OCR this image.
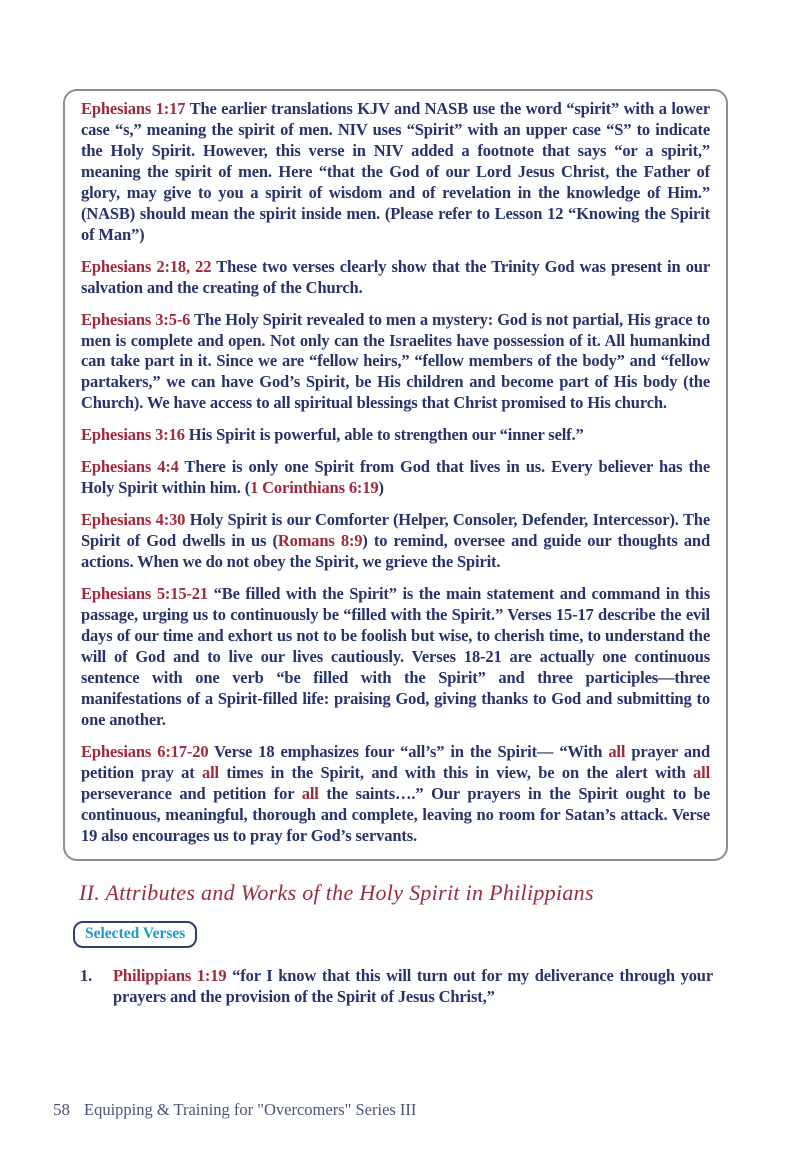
Ephesians 1:17 The earlier translations KJV and NASB use the word “spirit” with a lower case “s,” meaning the spirit of men. NIV uses “Spirit” with an upper case “S” to indicate the Holy Spirit. However, this verse in NIV added a footnote that says “or a spirit,” meaning the spirit of men. Here “that the God of our Lord Jesus Christ, the Father of glory, may give to you a spirit of wisdom and of revelation in the knowledge of Him.” (NASB) should mean the spirit inside men. (Please refer to Lesson 12 “Knowing the Spirit of Man”)

Ephesians 2:18, 22 These two verses clearly show that the Trinity God was present in our salvation and the creating of the Church.

Ephesians 3:5-6 The Holy Spirit revealed to men a mystery: God is not partial, His grace to men is complete and open. Not only can the Israelites have possession of it. All humankind can take part in it. Since we are “fellow heirs,” “fellow members of the body” and “fellow partakers,” we can have God’s Spirit, be His children and become part of His body (the Church). We have access to all spiritual blessings that Christ promised to His church.

Ephesians 3:16 His Spirit is powerful, able to strengthen our “inner self.”

Ephesians 4:4 There is only one Spirit from God that lives in us. Every believer has the Holy Spirit within him. (1 Corinthians 6:19)

Ephesians 4:30 Holy Spirit is our Comforter (Helper, Consoler, Defender, Intercessor). The Spirit of God dwells in us (Romans 8:9) to remind, oversee and guide our thoughts and actions. When we do not obey the Spirit, we grieve the Spirit.

Ephesians 5:15-21 “Be filled with the Spirit” is the main statement and command in this passage, urging us to continuously be “filled with the Spirit.” Verses 15-17 describe the evil days of our time and exhort us not to be foolish but wise, to cherish time, to understand the will of God and to live our lives cautiously. Verses 18-21 are actually one continuous sentence with one verb “be filled with the Spirit” and three participles—three manifestations of a Spirit-filled life: praising God, giving thanks to God and submitting to one another.

Ephesians 6:17-20 Verse 18 emphasizes four “all’s” in the Spirit— “With all prayer and petition pray at all times in the Spirit, and with this in view, be on the alert with all perseverance and petition for all the saints….” Our prayers in the Spirit ought to be continuous, meaningful, thorough and complete, leaving no room for Satan’s attack. Verse 19 also encourages us to pray for God’s servants.

II. Attributes and Works of the Holy Spirit in Philippians
Selected Verses
1.	Philippians 1:19 “for I know that this will turn out for my deliverance through your prayers and the provision of the Spirit of Jesus Christ,”
58 Equipping & Training for "Overcomers" Series III
